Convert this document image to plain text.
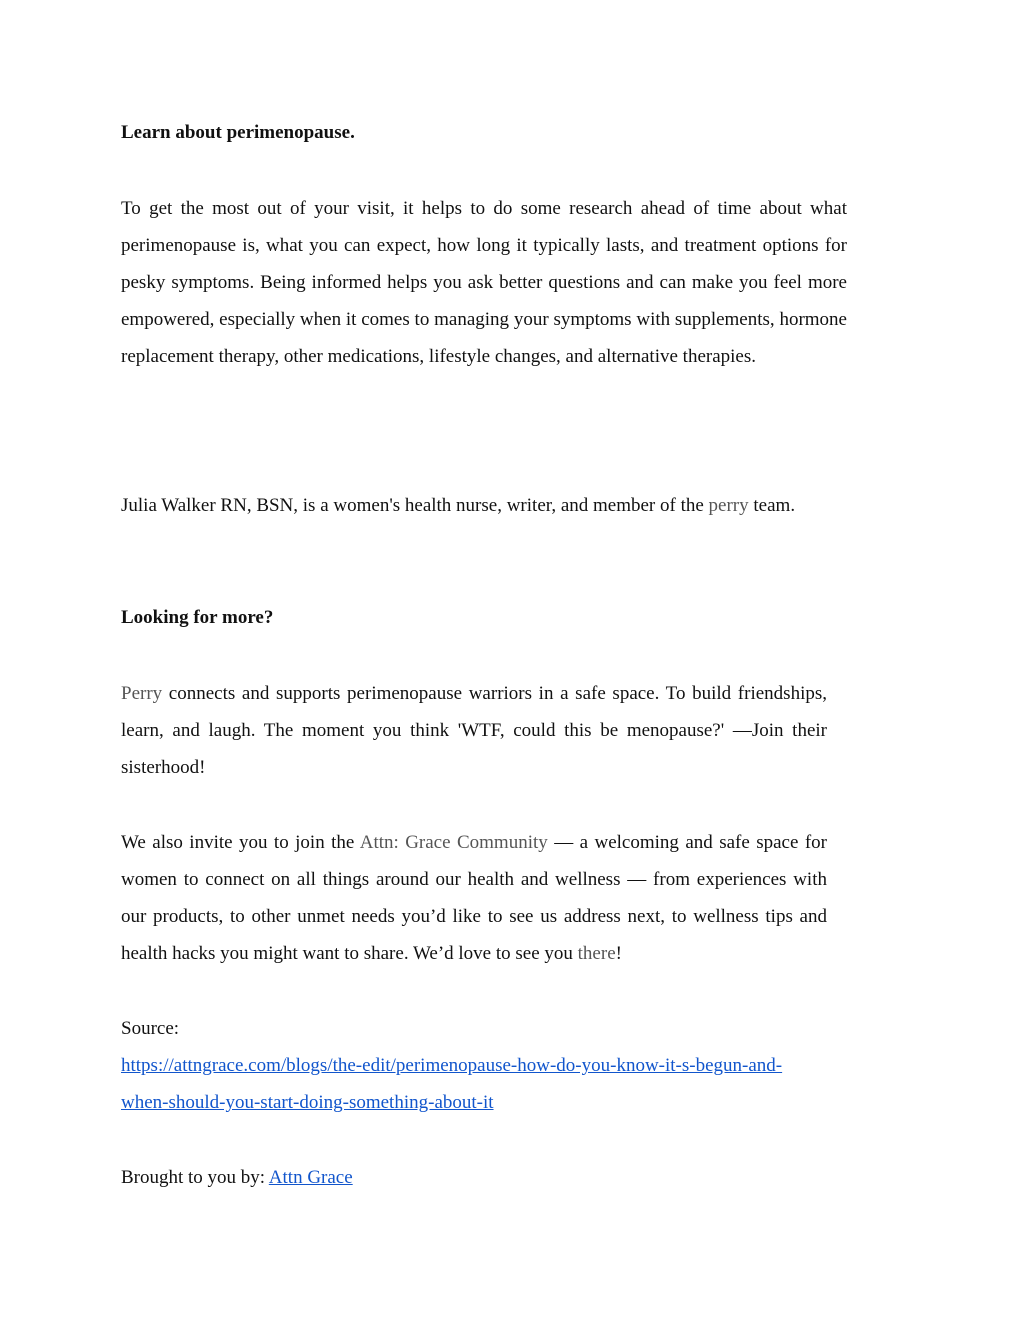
Learn about perimenopause.

To get the most out of your visit, it helps to do some research ahead of time about what perimenopause is, what you can expect, how long it typically lasts, and treatment options for pesky symptoms. Being informed helps you ask better questions and can make you feel more empowered, especially when it comes to managing your symptoms with supplements, hormone replacement therapy, other medications, lifestyle changes, and alternative therapies.

Julia Walker RN, BSN, is a women's health nurse, writer, and member of the perry team.

Looking for more?

Perry connects and supports perimenopause warriors in a safe space. To build friendships, learn, and laugh. The moment you think 'WTF, could this be menopause?' —Join their sisterhood!

We also invite you to join the Attn: Grace Community — a welcoming and safe space for women to connect on all things around our health and wellness — from experiences with our products, to other unmet needs you’d like to see us address next, to wellness tips and health hacks you might want to share. We’d love to see you there!

Source:
https://attngrace.com/blogs/the-edit/perimenopause-how-do-you-know-it-s-begun-and-
when-should-you-start-doing-something-about-it
Brought to you by: Attn Grace
